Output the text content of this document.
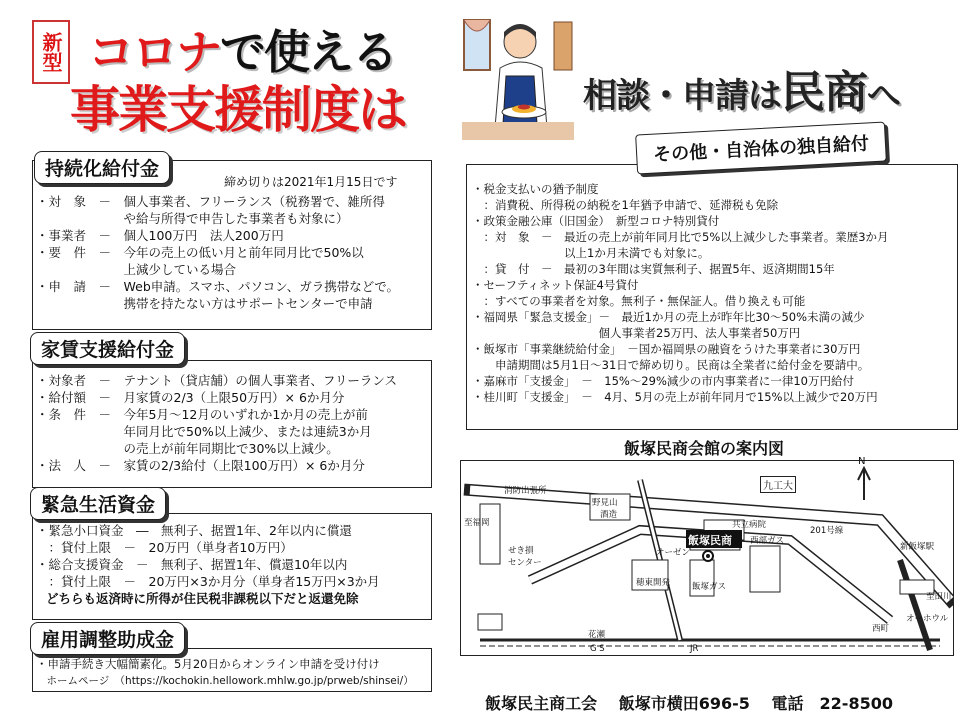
新型 コロナで使える
事業支援制度は	相談・申請は民商へ
持続化給付金
締め切りは2021年1月15日です
・対　象　－　個人事業者、フリーランス（税務署で、雑所得
　　　　　　　や給与所得で申告した事業者も対象に）
・事業者　－　個人100万円　法人200万円
・要　件　－　今年の売上の低い月と前年同月比で50%以
　　　　　　　上減少している場合
・申　請　－　Web申請。スマホ、パソコン、ガラ携帯などで。
　　　　　　　携帯を持たない方はサポートセンターで申請
家賃支援給付金
・対象者　－　テナント（貸店舗）の個人事業者、フリーランス
・給付額　－　月家賃の2/3（上限50万円）× 6か月分
・条　件　－　今年5月～12月のいずれか1か月の売上が前
　　　　　　　年同月比で50%以上減少、または連続3か月
　　　　　　　の売上が前年同期比で30%以上減少。
・法　人　－　家賃の2/3給付（上限100万円）× 6か月分
緊急生活資金
・緊急小口資金　―　無利子、据置1年、2年以内に償還
　：貸付上限　－　20万円（単身者10万円）
・総合支援資金　－　無利子、据置1年、償還10年以内
　：貸付上限　－　20万円×3か月分（単身者15万円×3か月
どちらも返済時に所得が住民税非課税以下だと返還免除
雇用調整助成金
・申請手続き大幅簡素化。5月20日からオンライン申請を受け付け
　ホームページ　（https://kochokin.hellowork.mhlw.go.jp/prweb/shinsei/）
その他・自治体の独自給付
・税金支払いの猶予制度
　：消費税、所得税の納税を1年猶予申請で、延滞税も免除
・政策金融公庫（旧国金）　新型コロナ特別貸付
　：対　象　－　最近の売上が前年同月比で5%以上減少した事業者。業歴3か月
　　　　　　　　以上1か月未満でも対象に。
　：貸　付　－　最初の3年間は実質無利子、据置5年、返済期間15年
・セーフティネット保証4号貸付
　：すべての事業者を対象。無利子・無保証人。借り換えも可能
・福岡県「緊急支援金」－　最近1か月の売上が昨年比30～50%未満の減少
　　　　　　　　　　　個人事業者25万円、法人事業者50万円
・飯塚市「事業継続給付金」　－国か福岡県の融資をうけた事業者に30万円
　　申請期間は5月1日～31日で締め切り。民商は全業者に給付金を要請中。
・嘉麻市「支援金」　－　15%～29%減少の市内事業者に一律10万円給付
・桂川町「支援金」　－　4月、5月の売上が前年同月で15%以上減少で20万円
飯塚民商会館の案内図
飯塚民商
九工大
N
消防出張所
野見山
酒造
共立病院
せき損
センター
オーゼン
穂東開発	飯塚ガス
西部ガス
201号線
新飯塚駅
オーホウル
西町
G S
花瀬
JR
至福岡
至田川

飯塚民主商工会　 飯塚市横田696-5　 電話　 22-8500
